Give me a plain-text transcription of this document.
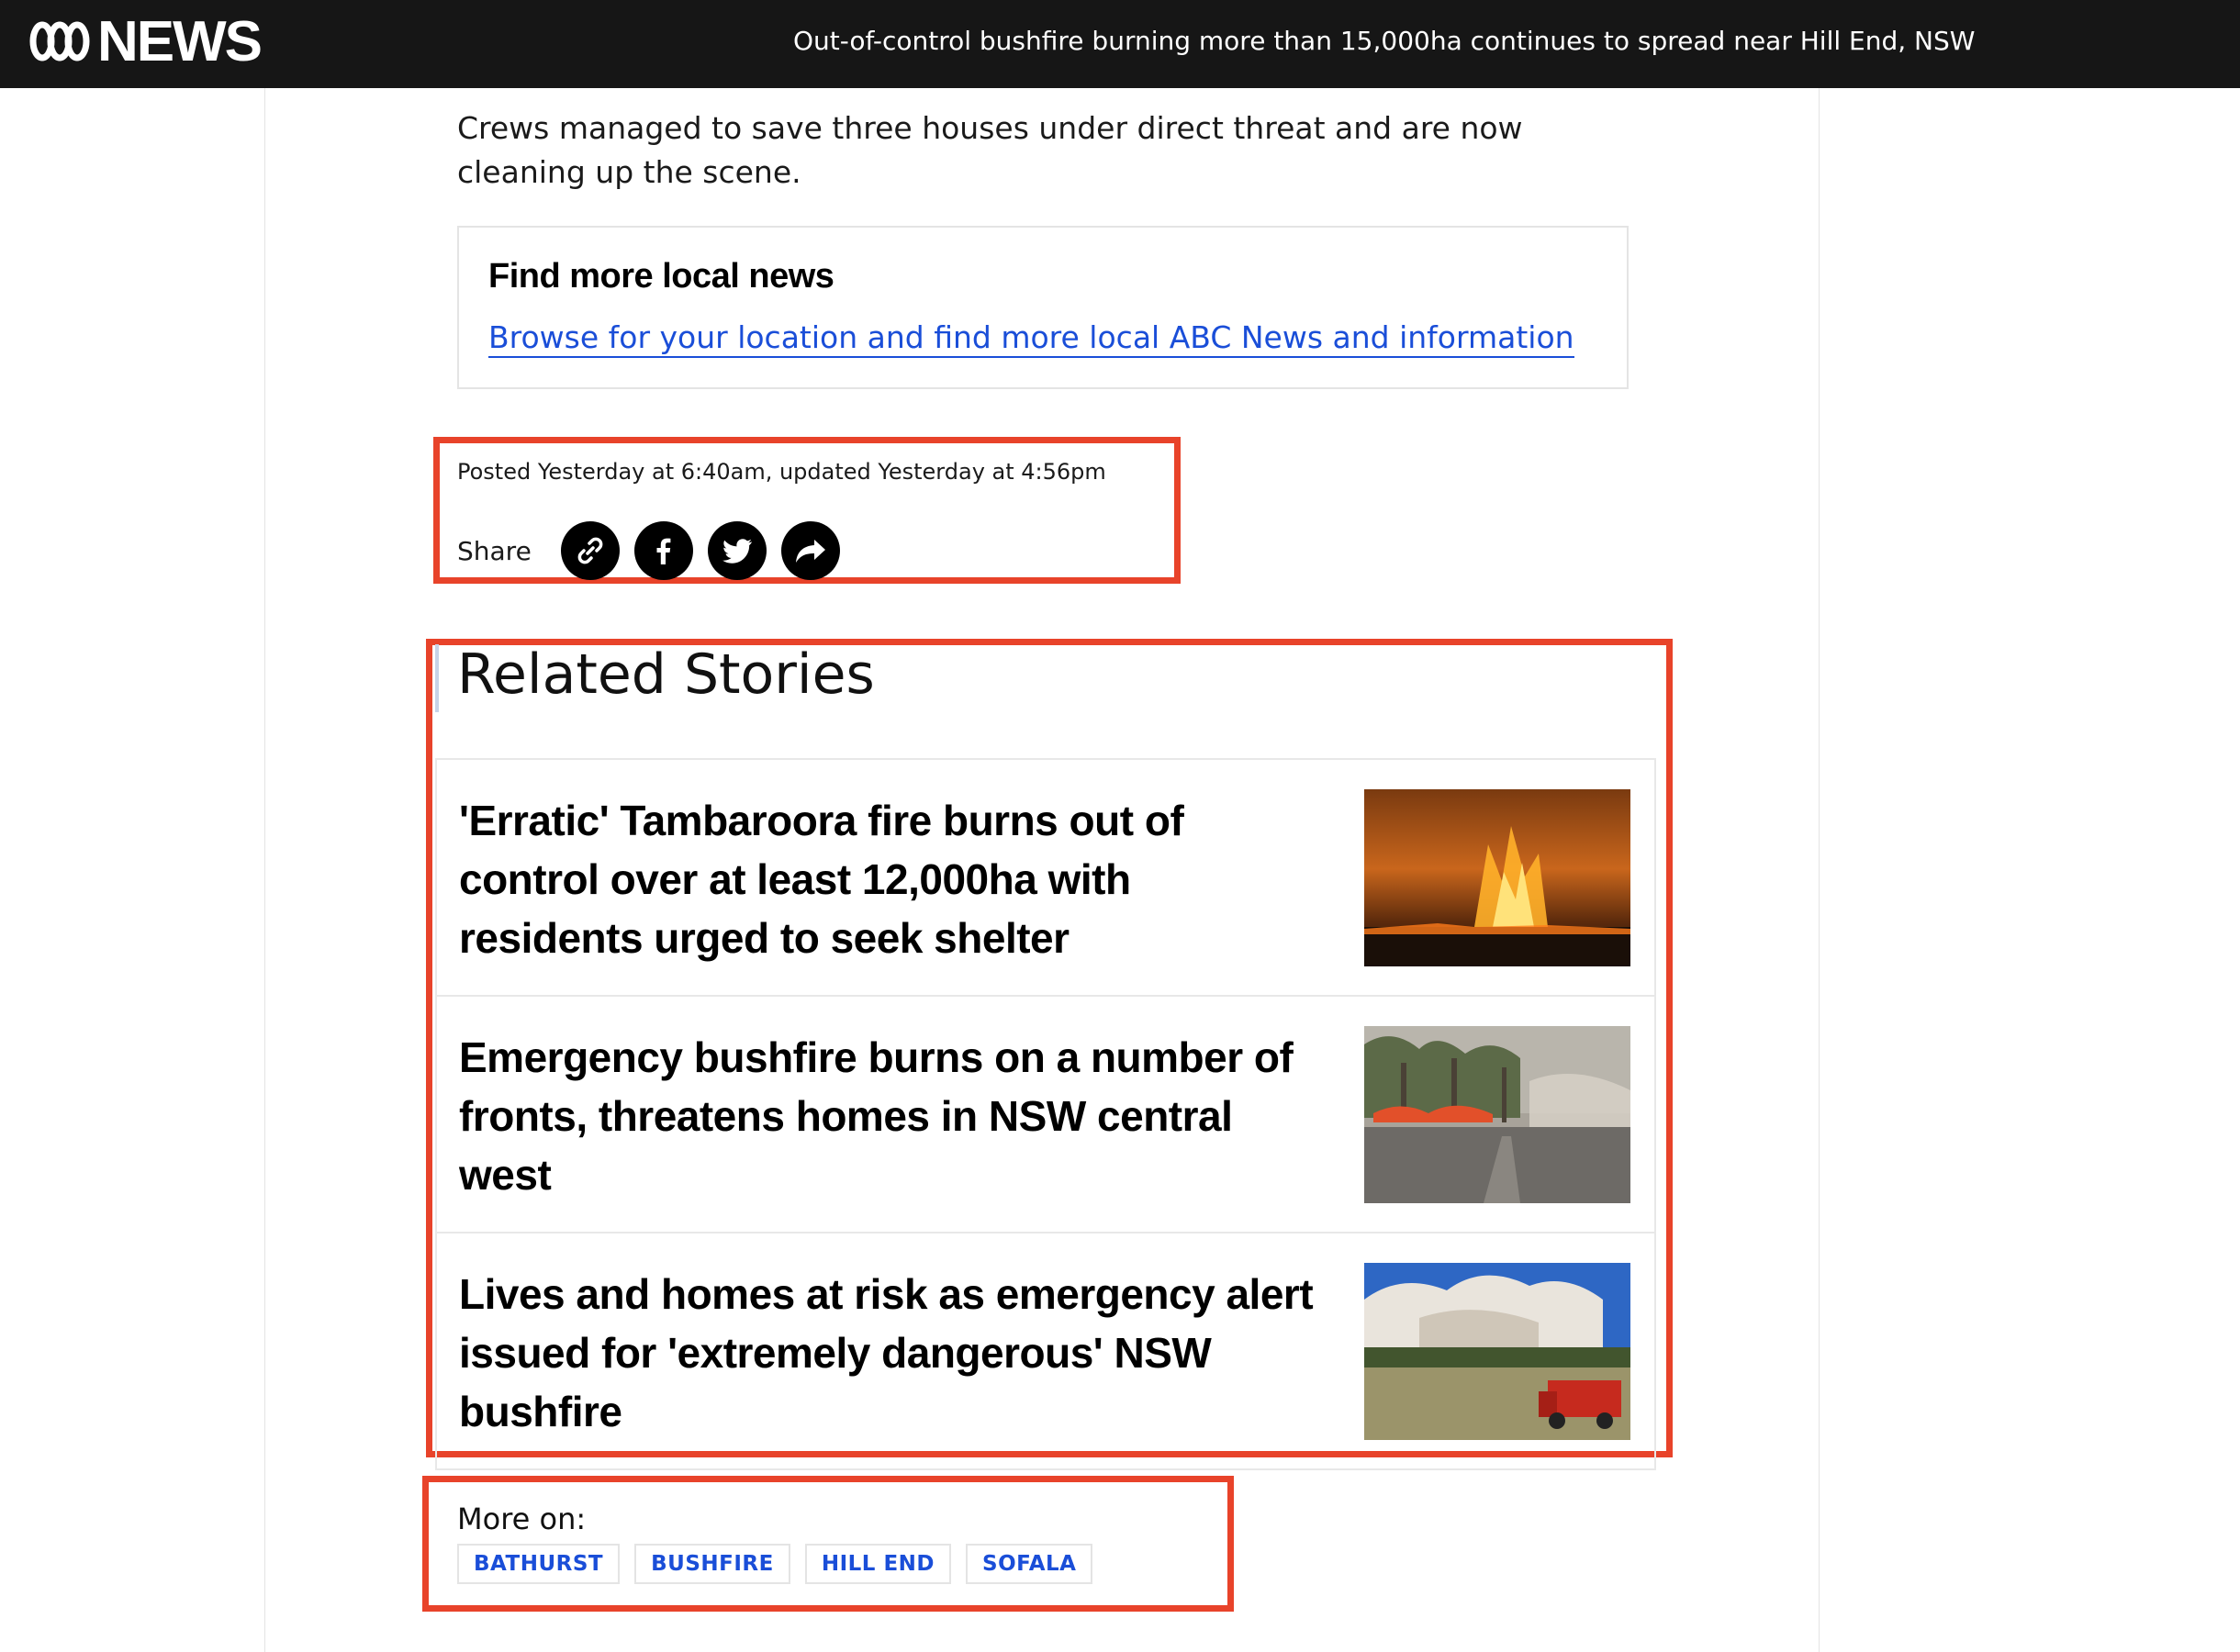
NEWS	Out-of-control bushfire burning more than 15,000ha continues to spread near Hill End, NSW
Crews managed to save three houses under direct threat and are now cleaning up the scene.
Find more local news
Browse for your location and find more local ABC News and information
Posted Yesterday at 6:40am, updated Yesterday at 4:56pm
Share
Related Stories
'Erratic' Tambaroora fire burns out of control over at least 12,000ha with residents urged to seek shelter
Emergency bushfire burns on a number of fronts, threatens homes in NSW central west
Lives and homes at risk as emergency alert issued for 'extremely dangerous' NSW bushfire
More on:
BATHURST	BUSHFIRE	HILL END	SOFALA
